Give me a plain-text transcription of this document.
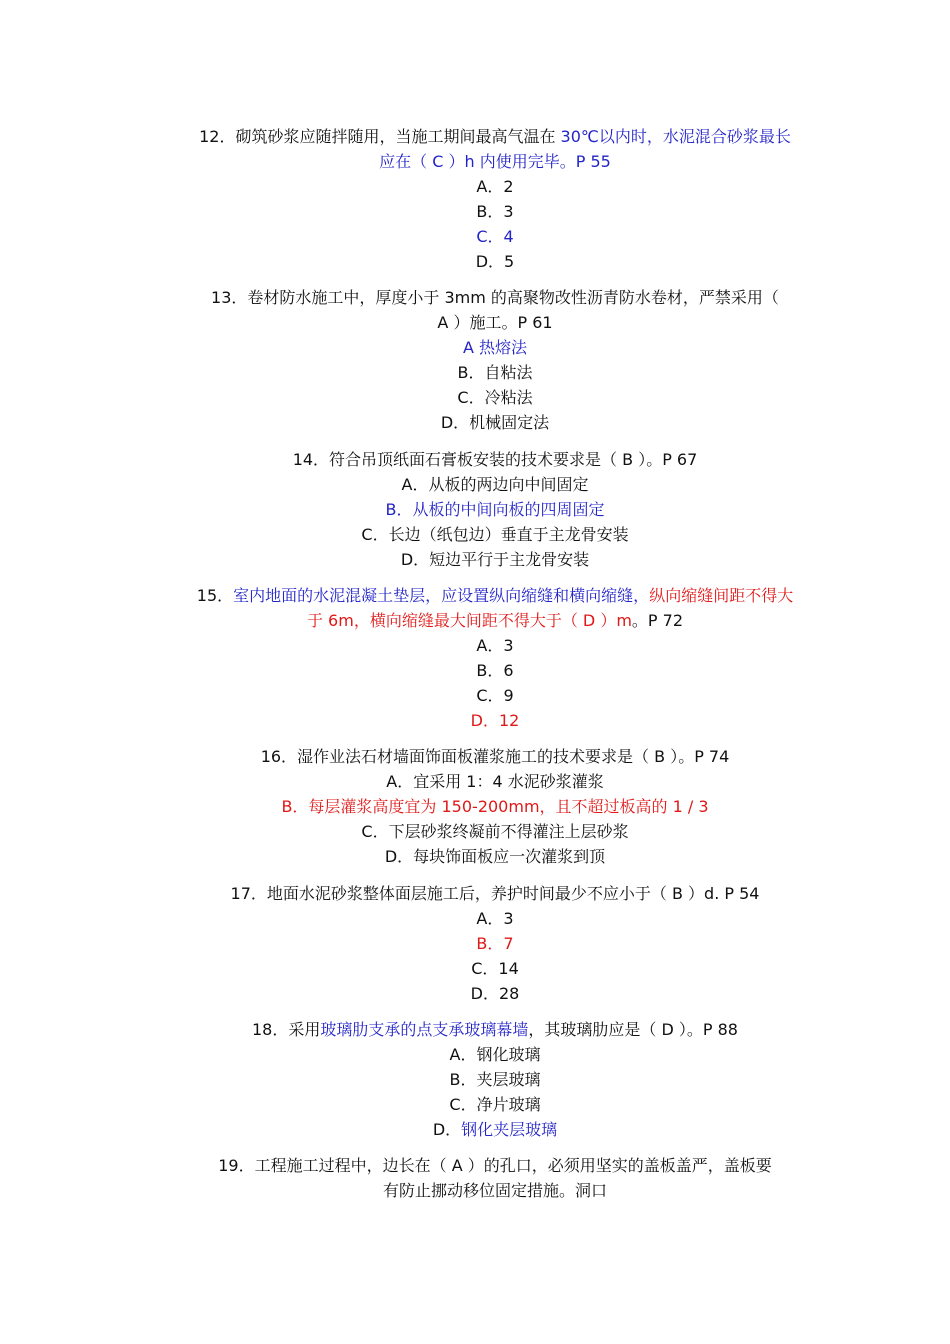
12．砌筑砂浆应随拌随用，当施工期间最高气温在 30℃以内时，水泥混合砂浆最长
应在（ C ）h 内使用完毕。P 55
A．2
B．3
C．4
D．5
13．卷材防水施工中，厚度小于 3mm 的高聚物改性沥青防水卷材，严禁采用（
A ）施工。P 61
A 热熔法
B．自粘法
C．冷粘法
D．机械固定法
14．符合吊顶纸面石膏板安装的技术要求是（ B ）。P 67
A．从板的两边向中间固定
B．从板的中间向板的四周固定
C．长边（纸包边）垂直于主龙骨安装
D．短边平行于主龙骨安装
15．室内地面的水泥混凝土垫层，应设置纵向缩缝和横向缩缝，纵向缩缝间距不得大
于 6m，横向缩缝最大间距不得大于（ D ）m。P 72
A．3
B．6
C．9
D．12
16．湿作业法石材墙面饰面板灌浆施工的技术要求是（ B ）。P 74
A．宜采用 1：4 水泥砂浆灌浆
B．每层灌浆高度宜为 150-200mm，且不超过板高的 1 / 3
C．下层砂浆终凝前不得灌注上层砂浆
D．每块饰面板应一次灌浆到顶
17．地面水泥砂浆整体面层施工后，养护时间最少不应小于（ B ）d. P 54
A．3
B．7
C．14
D．28
18．采用玻璃肋支承的点支承玻璃幕墙，其玻璃肋应是（ D ）。P 88
A．钢化玻璃
B．夹层玻璃
C．净片玻璃
D．钢化夹层玻璃
19．工程施工过程中，边长在（ A ）的孔口，必须用坚实的盖板盖严，盖板要
有防止挪动移位固定措施。洞口
